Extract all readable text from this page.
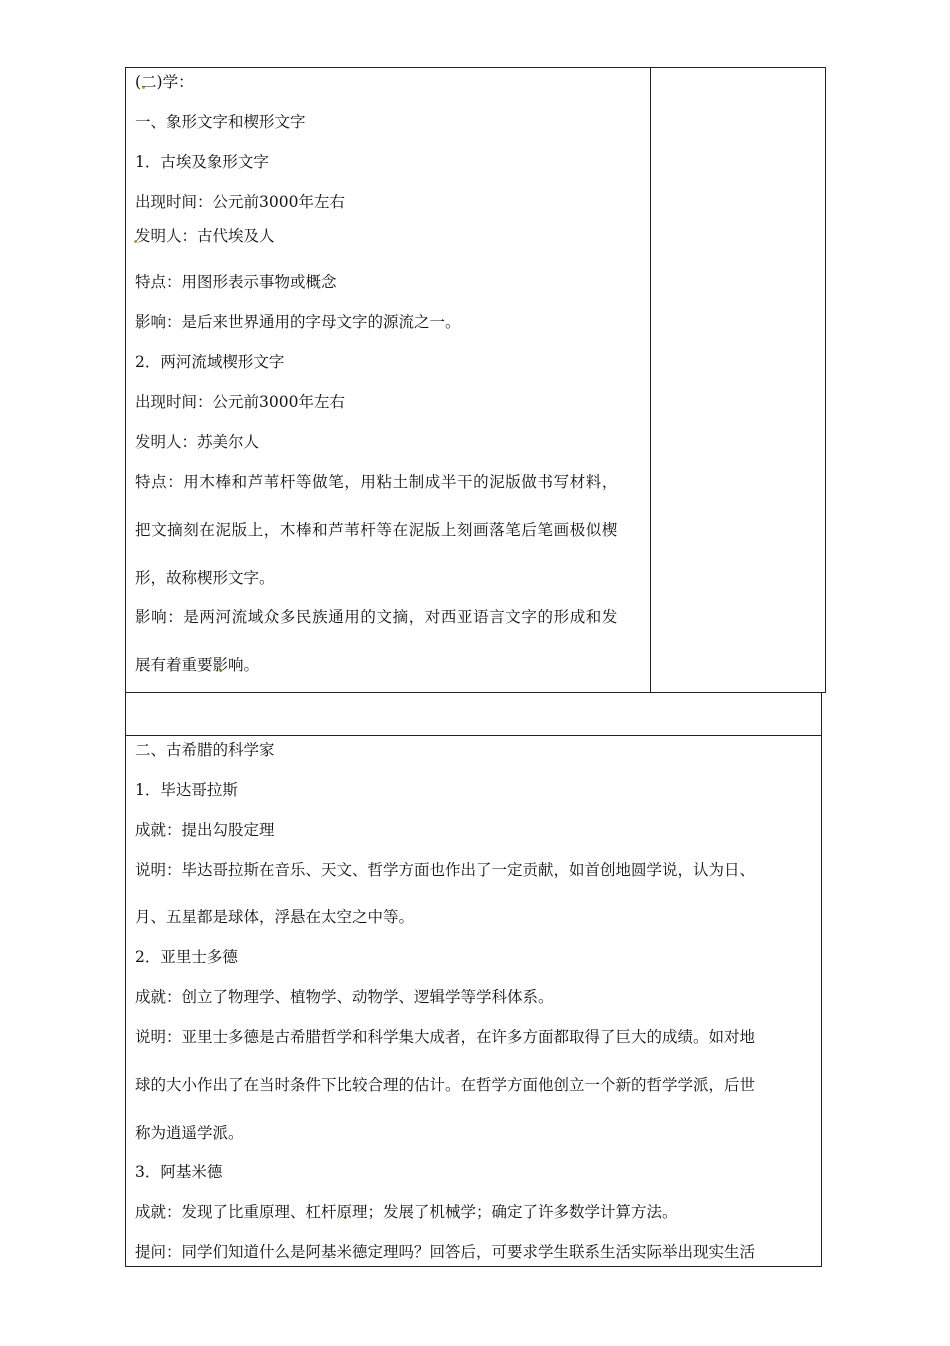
(二)学：
一、象形文字和楔形文字
1．古埃及象形文字
出现时间：公元前3000年左右
发明人：古代埃及人
特点：用图形表示事物或概念
影响：是后来世界通用的字母文字的源流之一。
2．两河流域楔形文字
出现时间：公元前3000年左右
发明人：苏美尔人
特点：用木棒和芦苇杆等做笔，用粘土制成半干的泥版做书写材料，
把文摘刻在泥版上，木棒和芦苇杆等在泥版上刻画落笔后笔画极似楔
形，故称楔形文字。
影响：是两河流域众多民族通用的文摘，对西亚语言文字的形成和发
展有着重要影响。
二、古希腊的科学家
1．毕达哥拉斯
成就：提出勾股定理
说明：毕达哥拉斯在音乐、天文、哲学方面也作出了一定贡献，如首创地圆学说，认为日、
月、五星都是球体，浮悬在太空之中等。
2．亚里士多德
成就：创立了物理学、植物学、动物学、逻辑学等学科体系。
说明：亚里士多德是古希腊哲学和科学集大成者，在许多方面都取得了巨大的成绩。如对地
球的大小作出了在当时条件下比较合理的估计。在哲学方面他创立一个新的哲学学派，后世
称为逍遥学派。
3．阿基米德
成就：发现了比重原理、杠杆原理；发展了机械学；确定了许多数学计算方法。
提问：同学们知道什么是阿基米德定理吗？回答后，可要求学生联系生活实际举出现实生活
